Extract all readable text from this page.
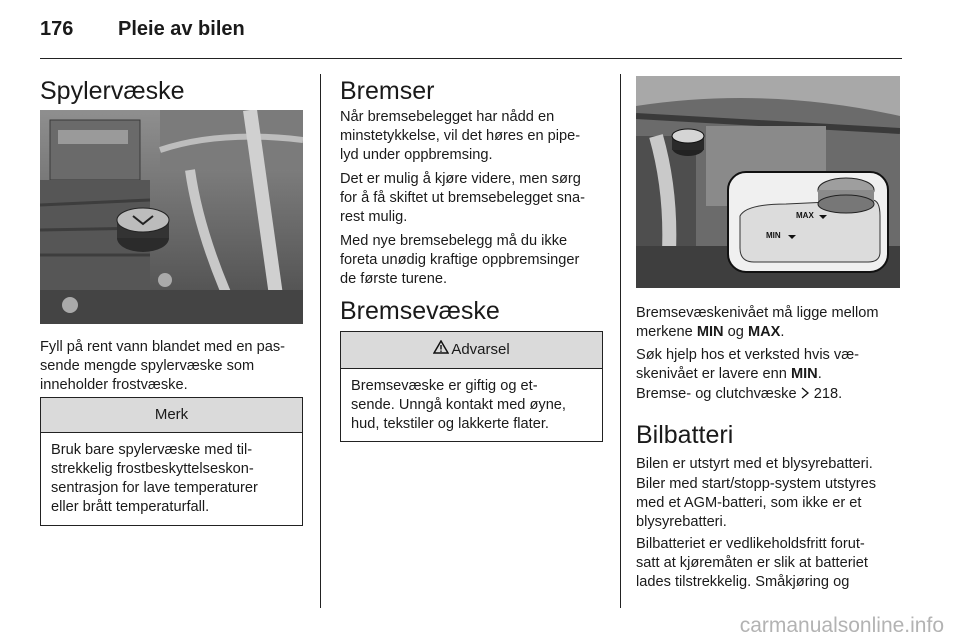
176 Pleie av bilen
Spylervæske

Fyll på rent vann blandet med en pas-
sende mengde spylervæske som
inneholder frostvæske.

Merk
Bruk bare spylervæske med til-
strekkelig frostbeskyttelseskon-
sentrasjon for lave temperaturer
eller brått temperaturfall.
Bremser

Når bremsebelegget har nådd en
minstetykkelse, vil det høres en pipe-
lyd under oppbremsing.

Det er mulig å kjøre videre, men sørg
for å få skiftet ut bremsebelegget sna-
rest mulig.

Med nye bremsebelegg må du ikke
foreta unødig kraftige oppbremsinger
de første turene.

Bremsevæske
Advarsel
Bremsevæske er giftig og et-
sende. Unngå kontakt med øyne,
hud, tekstiler og lakkerte flater.
MAX
MIN

Bremsevæskenivået må ligge mellom
merkene MIN og MAX.

Søk hjelp hos et verksted hvis væ-
skenivået er lavere enn MIN.

Bremse- og clutchvæske 218.

Bilbatteri

Bilen er utstyrt med et blysyrebatteri.

Biler med start/stopp-system utstyres
med et AGM-batteri, som ikke er et
blysyrebatteri.

Bilbatteriet er vedlikeholdsfritt forut-
satt at kjøremåten er slik at batteriet
lades tilstrekkelig. Småkjøring og

carmanualsonline.info
